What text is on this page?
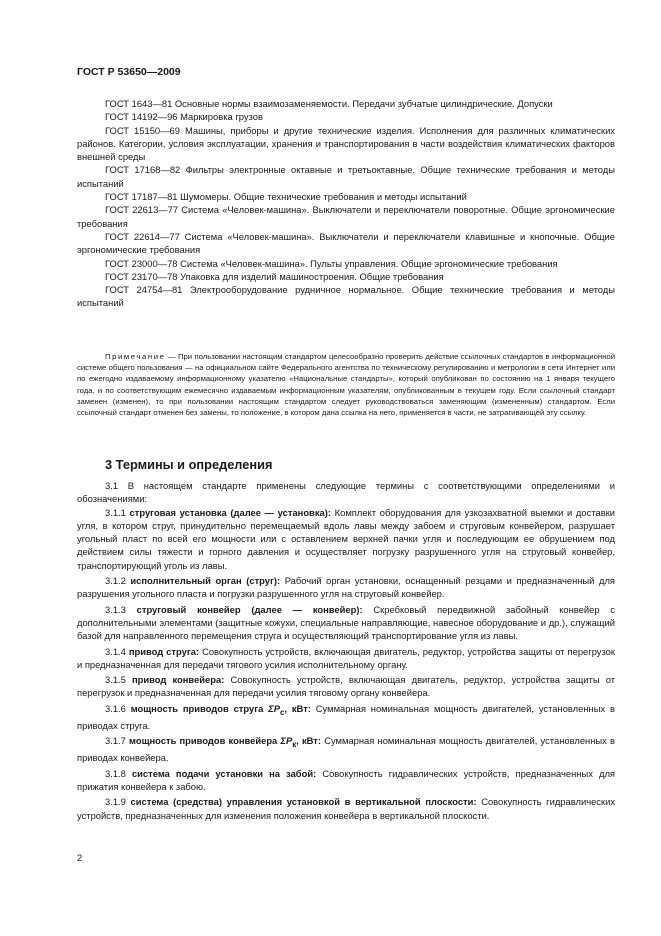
ГОСТ Р 53650—2009

ГОСТ 1643—81 Основные нормы взаимозаменяемости. Передачи зубчатые цилиндрические. Допуски

ГОСТ 14192—96 Маркировка грузов

ГОСТ 15150—69 Машины, приборы и другие технические изделия. Исполнения для различных климатических районов. Категории, условия эксплуатации, хранения и транспортирования в части воздействия климатических факторов внешней среды

ГОСТ 17168—82 Фильтры электронные октавные и третьоктавные. Общие технические требования и методы испытаний

ГОСТ 17187—81 Шумомеры. Общие технические требования и методы испытаний

ГОСТ 22613—77 Система «Человек-машина». Выключатели и переключатели поворотные. Общие эргономические требования

ГОСТ 22614—77 Система «Человек-машина». Выключатели и переключатели клавишные и кнопочные. Общие эргономические требования

ГОСТ 23000—78 Система «Человек-машина». Пульты управления. Общие эргономические требования

ГОСТ 23170—78 Упаковка для изделий машиностроения. Общие требования

ГОСТ 24754—81 Электрооборудование рудничное нормальное. Общие технические требования и методы испытаний

Примечание — При пользовании настоящим стандартом целесообразно проверить действие ссылочных стандартов в информационной системе общего пользования — на официальном сайте Федерального агентства по техническому регулированию и метрологии в сети Интернет или по ежегодно издаваемому информационному указателю «Национальные стандарты», который опубликован по состоянию на 1 января текущего года, и по соответствующим ежемесячно издаваемым информационным указателям, опубликованным в текущем году. Если ссылочный стандарт заменен (изменен), то при пользовании настоящим стандартом следует руководствоваться заменяющим (измененным) стандартом. Если ссылочный стандарт отменен без замены, то положение, в котором дана ссылка на него, применяется в части, не затрагивающей эту ссылку.

3 Термины и определения

3.1 В настоящем стандарте применены следующие термины с соответствующими определениями и обозначениями:

3.1.1 струговая установка (далее — установка): Комплект оборудования для узкозахватной выемки и доставки угля, в котором струг, принудительно перемещаемый вдоль лавы между забоем и струговым конвейером, разрушает угольный пласт по всей его мощности или с оставлением верхней пачки угля и последующим ее обрушением под действием силы тяжести и горного давления и осуществляет погрузку разрушенного угля на струговый конвейер, транспортирующий уголь из лавы.

3.1.2 исполнительный орган (струг): Рабочий орган установки, оснащенный резцами и предназначенный для разрушения угольного пласта и погрузки разрушенного угля на струговый конвейер.

3.1.3 струговый конвейер (далее — конвейер): Скребковый передвижной забойный конвейер с дополнительными элементами (защитные кожухи, специальные направляющие, навесное оборудование и др.), служащий базой для направленного перемещения струга и осуществляющий транспортирование угля из лавы.

3.1.4 привод струга: Совокупность устройств, включающая двигатель, редуктор, устройства защиты от перегрузок и предназначенная для передачи тягового усилия исполнительному органу.

3.1.5 привод конвейера: Совокупность устройств, включающая двигатель, редуктор, устройства защиты от перегрузок и предназначенная для передачи усилия тяговому органу конвейера.

3.1.6 мощность приводов струга $\Sigma P_с$, кВт: Суммарная номинальная мощность двигателей, установленных в приводах струга.

3.1.7 мощность приводов конвейера $\Sigma P_к$, кВт: Суммарная номинальная мощность двигателей, установленных в приводах конвейера.

3.1.8 система подачи установки на забой: Совокупность гидравлических устройств, предназначенных для прижатия конвейера к забою.

3.1.9 система (средства) управления установкой в вертикальной плоскости: Совокупность гидравлических устройств, предназначенных для изменения положения конвейера в вертикальной плоскости.

2
